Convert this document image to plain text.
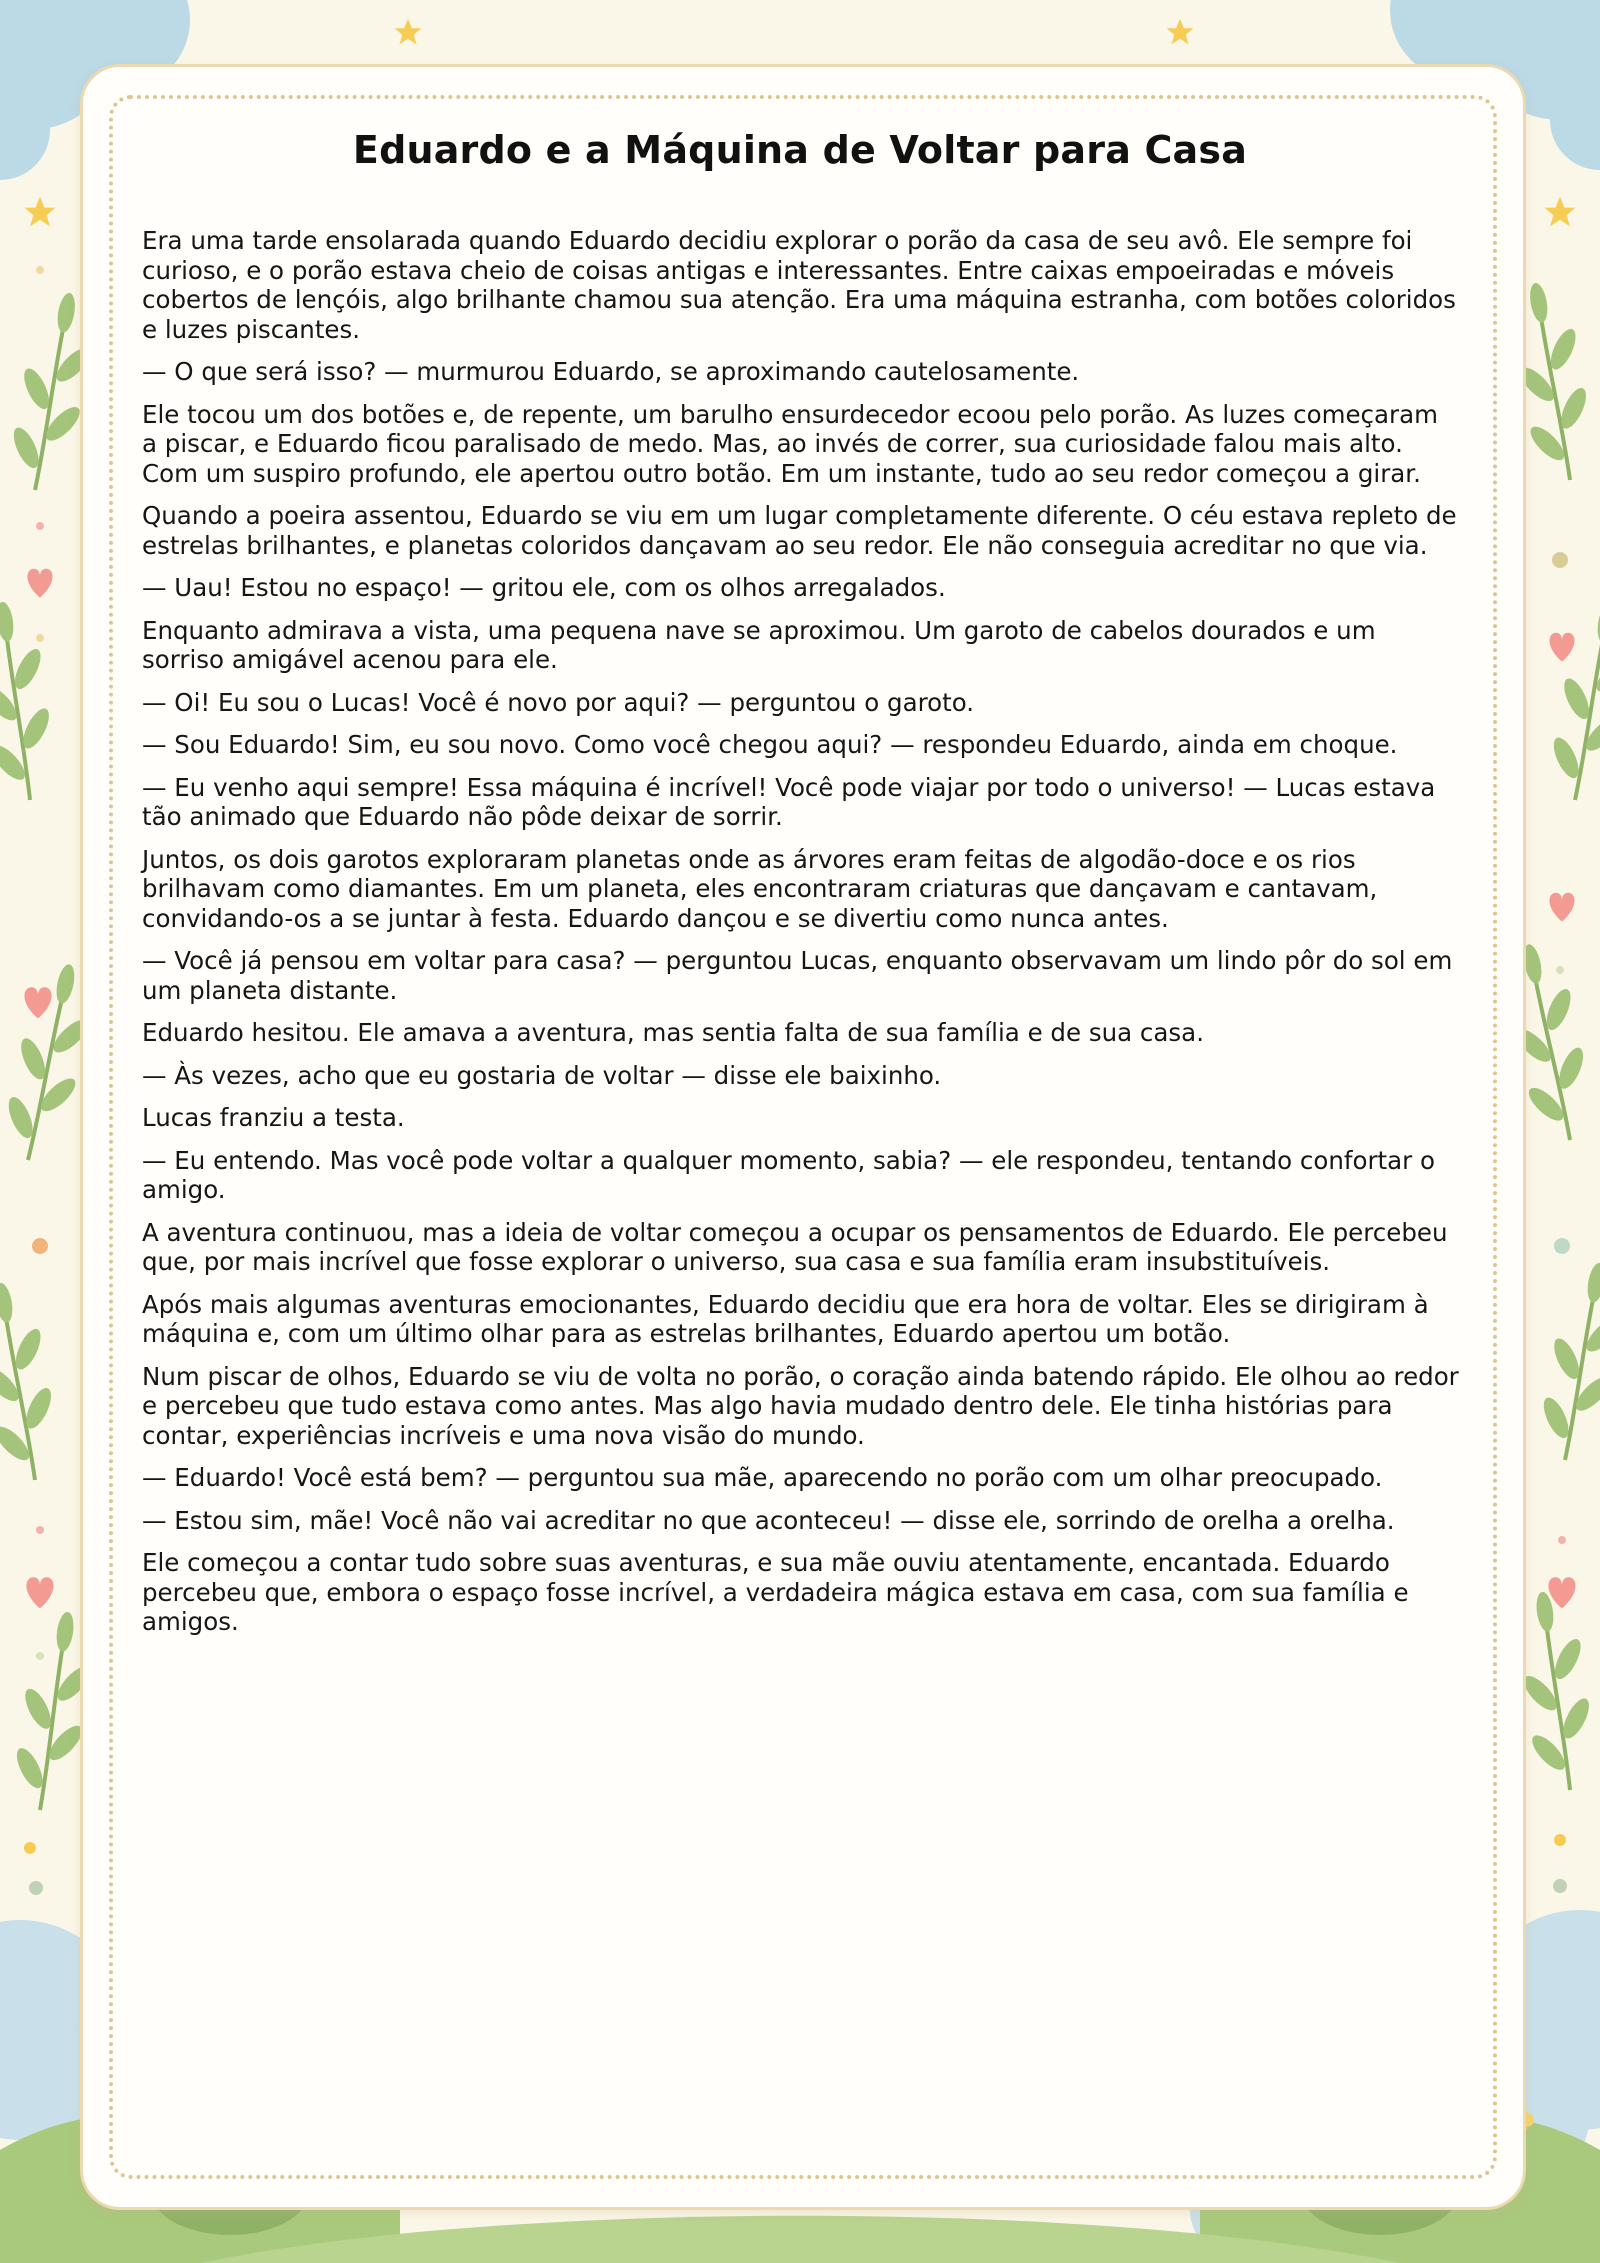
Eduardo e a Máquina de Voltar para Casa

Era uma tarde ensolarada quando Eduardo decidiu explorar o porão da casa de seu avô. Ele sempre foi curioso, e o porão estava cheio de coisas antigas e interessantes. Entre caixas empoeiradas e móveis cobertos de lençóis, algo brilhante chamou sua atenção. Era uma máquina estranha, com botões coloridos e luzes piscantes.

— O que será isso? — murmurou Eduardo, se aproximando cautelosamente.

Ele tocou um dos botões e, de repente, um barulho ensurdecedor ecoou pelo porão. As luzes começaram a piscar, e Eduardo ficou paralisado de medo. Mas, ao invés de correr, sua curiosidade falou mais alto. Com um suspiro profundo, ele apertou outro botão. Em um instante, tudo ao seu redor começou a girar.

Quando a poeira assentou, Eduardo se viu em um lugar completamente diferente. O céu estava repleto de estrelas brilhantes, e planetas coloridos dançavam ao seu redor. Ele não conseguia acreditar no que via.

— Uau! Estou no espaço! — gritou ele, com os olhos arregalados.

Enquanto admirava a vista, uma pequena nave se aproximou. Um garoto de cabelos dourados e um sorriso amigável acenou para ele.

— Oi! Eu sou o Lucas! Você é novo por aqui? — perguntou o garoto.

— Sou Eduardo! Sim, eu sou novo. Como você chegou aqui? — respondeu Eduardo, ainda em choque.

— Eu venho aqui sempre! Essa máquina é incrível! Você pode viajar por todo o universo! — Lucas estava tão animado que Eduardo não pôde deixar de sorrir.

Juntos, os dois garotos exploraram planetas onde as árvores eram feitas de algodão-doce e os rios brilhavam como diamantes. Em um planeta, eles encontraram criaturas que dançavam e cantavam, convidando-os a se juntar à festa. Eduardo dançou e se divertiu como nunca antes.

— Você já pensou em voltar para casa? — perguntou Lucas, enquanto observavam um lindo pôr do sol em um planeta distante.

Eduardo hesitou. Ele amava a aventura, mas sentia falta de sua família e de sua casa.

— Às vezes, acho que eu gostaria de voltar — disse ele baixinho.

Lucas franziu a testa.

— Eu entendo. Mas você pode voltar a qualquer momento, sabia? — ele respondeu, tentando confortar o amigo.

A aventura continuou, mas a ideia de voltar começou a ocupar os pensamentos de Eduardo. Ele percebeu que, por mais incrível que fosse explorar o universo, sua casa e sua família eram insubstituíveis.

Após mais algumas aventuras emocionantes, Eduardo decidiu que era hora de voltar. Eles se dirigiram à máquina e, com um último olhar para as estrelas brilhantes, Eduardo apertou um botão.

Num piscar de olhos, Eduardo se viu de volta no porão, o coração ainda batendo rápido. Ele olhou ao redor e percebeu que tudo estava como antes. Mas algo havia mudado dentro dele. Ele tinha histórias para contar, experiências incríveis e uma nova visão do mundo.

— Eduardo! Você está bem? — perguntou sua mãe, aparecendo no porão com um olhar preocupado.

— Estou sim, mãe! Você não vai acreditar no que aconteceu! — disse ele, sorrindo de orelha a orelha.

Ele começou a contar tudo sobre suas aventuras, e sua mãe ouviu atentamente, encantada. Eduardo percebeu que, embora o espaço fosse incrível, a verdadeira mágica estava em casa, com sua família e amigos.
